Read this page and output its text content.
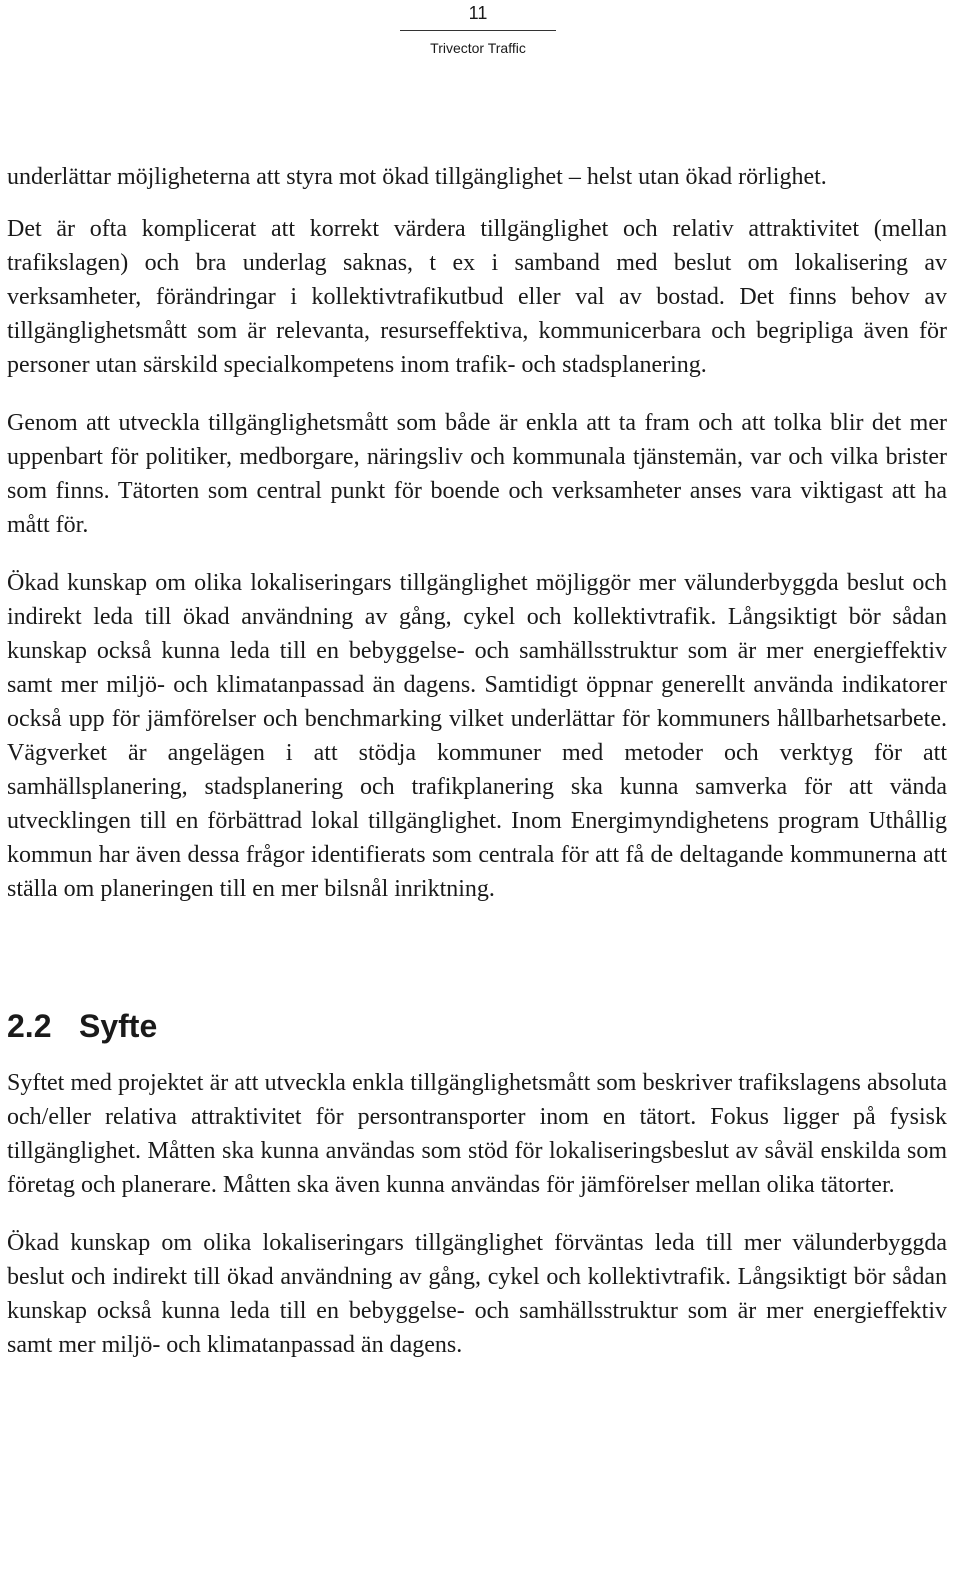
11
Trivector Traffic

underlättar möjligheterna att styra mot ökad tillgänglighet – helst utan ökad rörlighet.

Det är ofta komplicerat att korrekt värdera tillgänglighet och relativ attraktivitet (mellan trafikslagen) och bra underlag saknas, t ex i samband med beslut om lokalisering av verksamheter, förändringar i kollektivtrafikutbud eller val av bostad. Det finns behov av tillgänglighetsmått som är relevanta, resurseffektiva, kommunicerbara och begripliga även för personer utan särskild specialkompetens inom trafik- och stadsplanering.

Genom att utveckla tillgänglighetsmått som både är enkla att ta fram och att tolka blir det mer uppenbart för politiker, medborgare, näringsliv och kommunala tjänstemän, var och vilka brister som finns. Tätorten som central punkt för boende och verksamheter anses vara viktigast att ha mått för.

Ökad kunskap om olika lokaliseringars tillgänglighet möjliggör mer välunderbyggda beslut och indirekt leda till ökad användning av gång, cykel och kollektivtrafik. Långsiktigt bör sådan kunskap också kunna leda till en bebyggelse- och samhällsstruktur som är mer energieffektiv samt mer miljö- och klimatanpassad än dagens. Samtidigt öppnar generellt använda indikatorer också upp för jämförelser och benchmarking vilket underlättar för kommuners hållbarhetsarbete. Vägverket är angelägen i att stödja kommuner med metoder och verktyg för att samhällsplanering, stadsplanering och trafikplanering ska kunna samverka för att vända utvecklingen till en förbättrad lokal tillgänglighet. Inom Energimyndighetens program Uthållig kommun har även dessa frågor identifierats som centrala för att få de deltagande kommunerna att ställa om planeringen till en mer bilsnål inriktning.

2.2 Syfte

Syftet med projektet är att utveckla enkla tillgänglighetsmått som beskriver trafikslagens absoluta och/eller relativa attraktivitet för persontransporter inom en tätort. Fokus ligger på fysisk tillgänglighet. Måtten ska kunna användas som stöd för lokaliseringsbeslut av såväl enskilda som företag och planerare. Måtten ska även kunna användas för jämförelser mellan olika tätorter.

Ökad kunskap om olika lokaliseringars tillgänglighet förväntas leda till mer välunderbyggda beslut och indirekt till ökad användning av gång, cykel och kollektivtrafik. Långsiktigt bör sådan kunskap också kunna leda till en bebyggelse- och samhällsstruktur som är mer energieffektiv samt mer miljö- och klimatanpassad än dagens.
